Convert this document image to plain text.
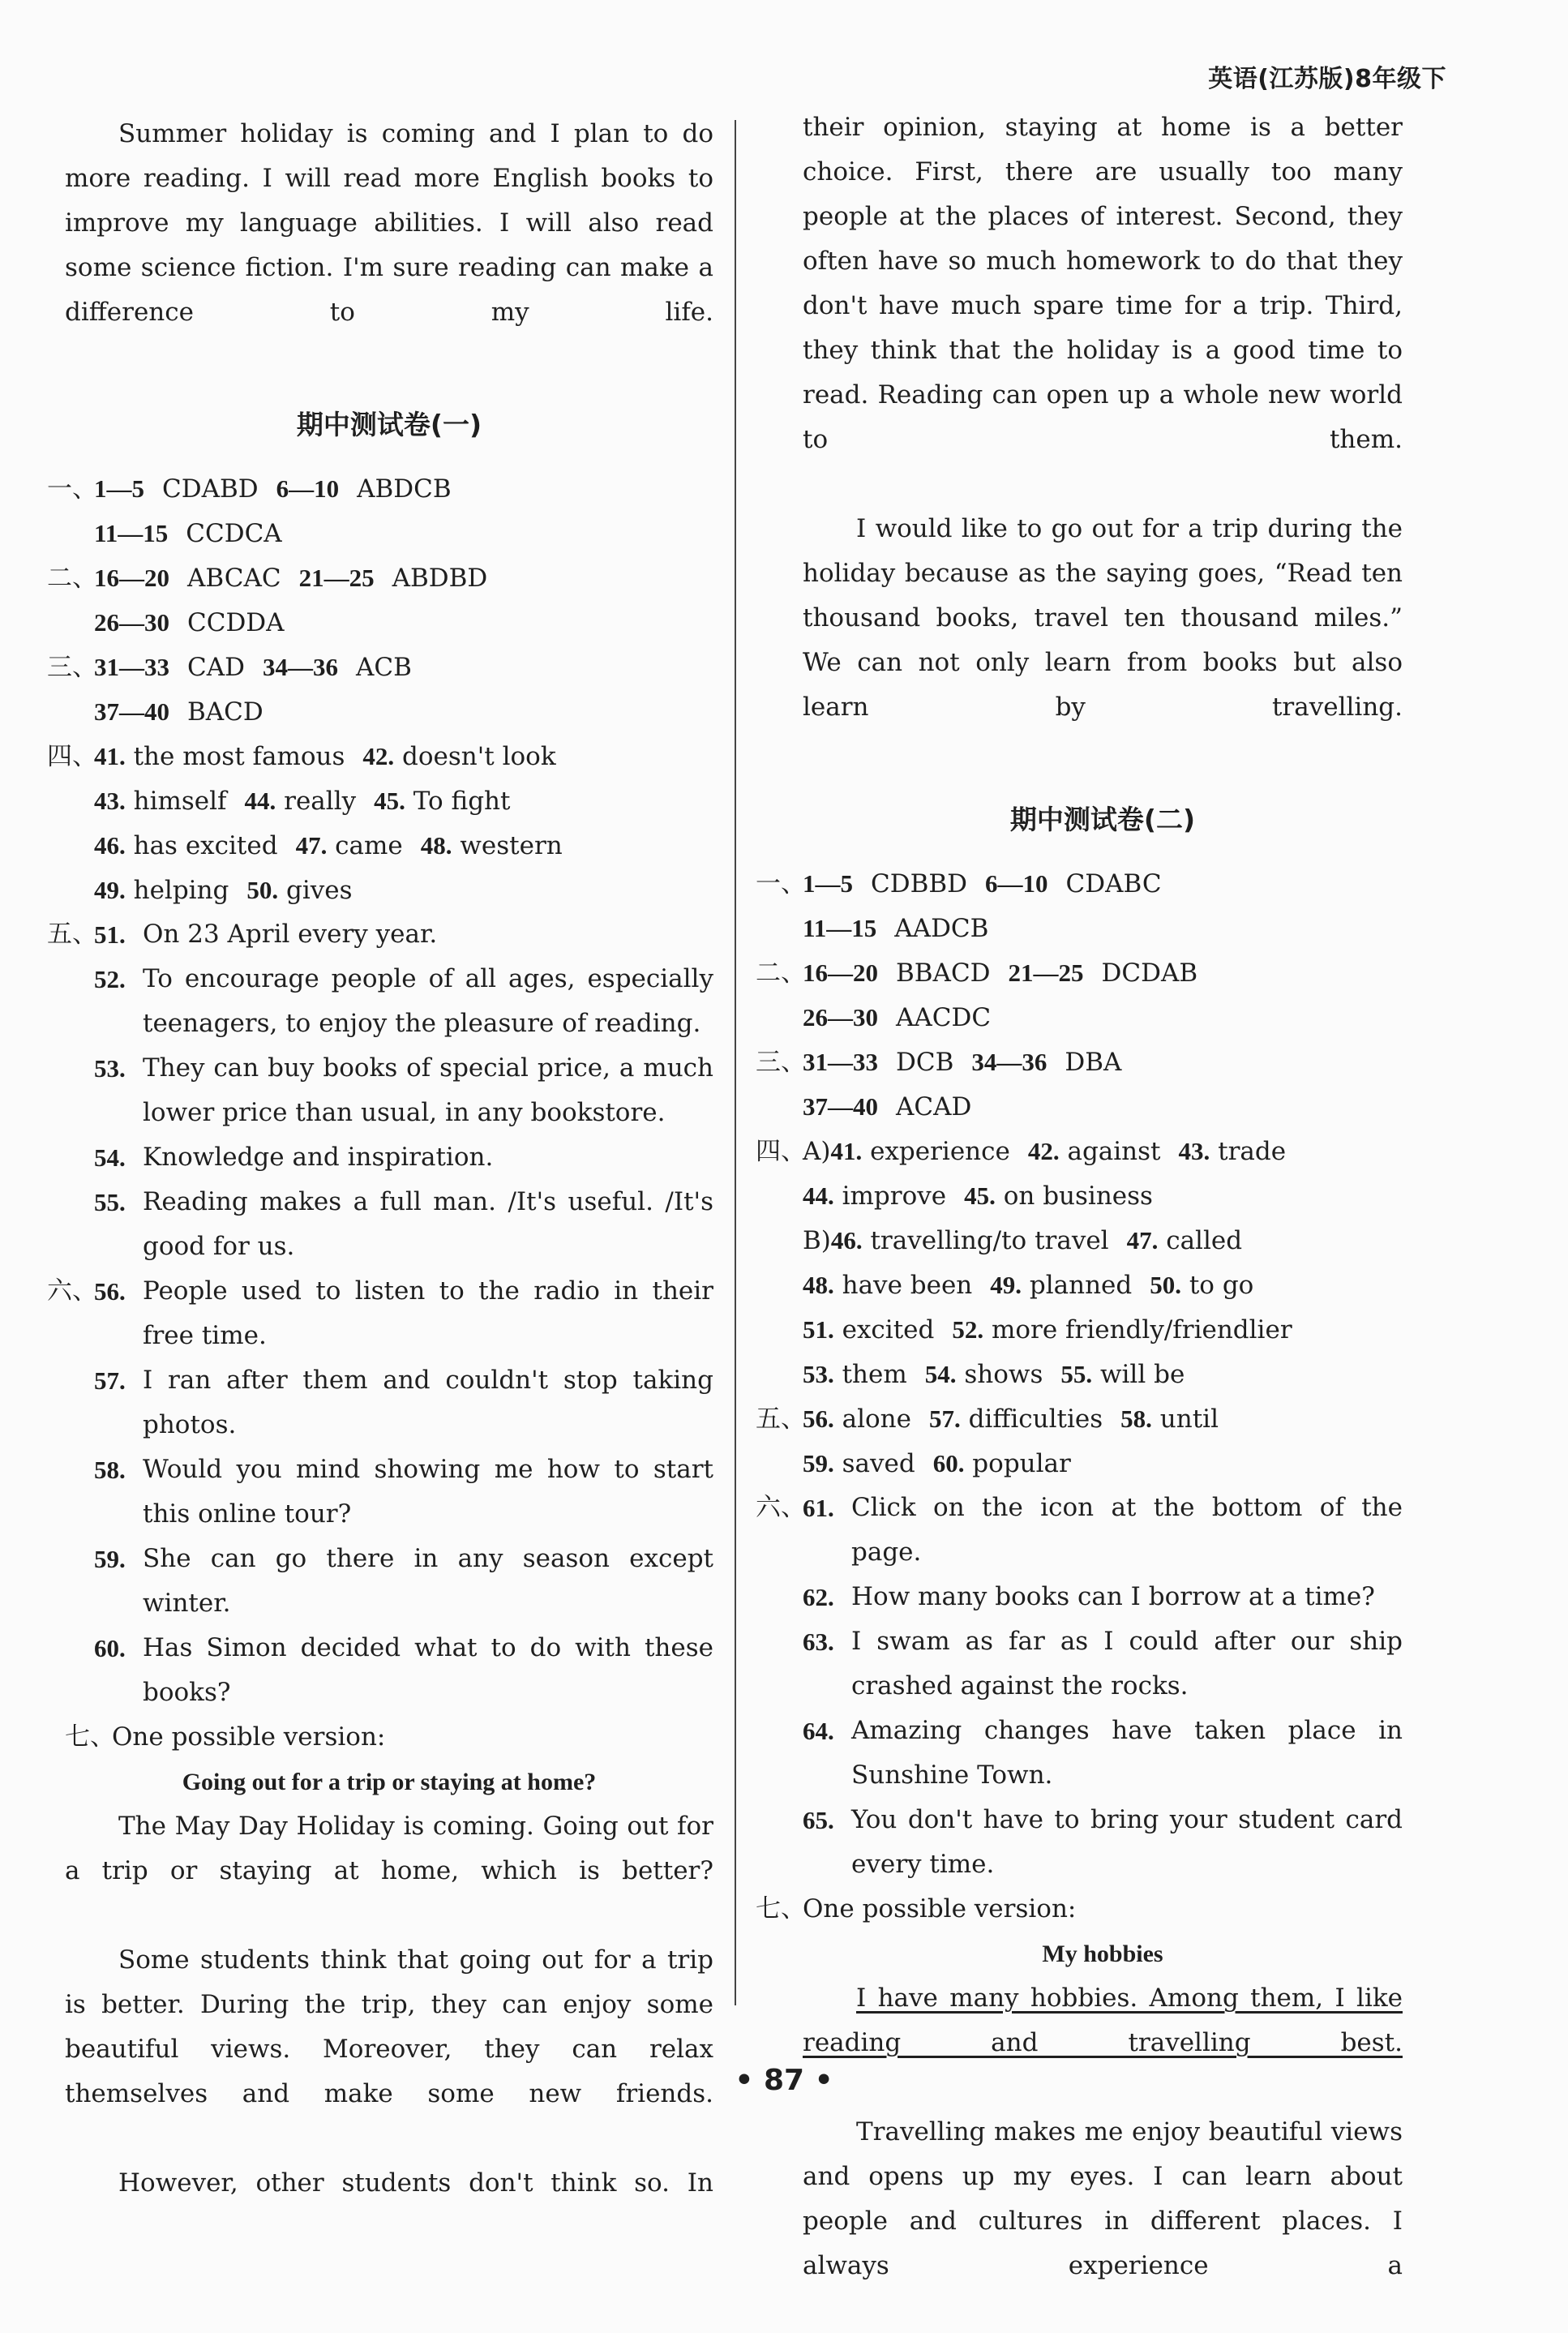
英语(江苏版)8年级下

Summer holiday is coming and I plan to do more reading. I will read more English books to improve my language abilities. I will also read some science fiction. I'm sure reading can make a difference to my life.

期中测试卷(一)
一、1—5 CDABD 6—10 ABDCB
11—15 CCDCA
二、16—20 ABCAC 21—25 ABDBD
26—30 CCDDA
三、31—33 CAD 34—36 ACB
37—40 BACD
四、41. the most famous 42. doesn't look
43. himself 44. really 45. To fight
46. has excited 47. came 48. western
49. helping 50. gives
五、
51. On 23 April every year.
52. To encourage people of all ages, especially teenagers, to enjoy the pleasure of reading.
53. They can buy books of special price, a much lower price than usual, in any bookstore.
54. Knowledge and inspiration.
55. Reading makes a full man. /It's useful. /It's good for us.
六、
56. People used to listen to the radio in their free time.
57. I ran after them and couldn't stop taking photos.
58. Would you mind showing me how to start this online tour?
59. She can go there in any season except winter.
60. Has Simon decided what to do with these books?
七、One possible version:
Going out for a trip or staying at home?

The May Day Holiday is coming. Going out for a trip or staying at home, which is better?

Some students think that going out for a trip is better. During the trip, they can enjoy some beautiful views. Moreover, they can relax themselves and make some new friends.

However, other students don't think so. In

their opinion, staying at home is a better choice. First, there are usually too many people at the places of interest. Second, they often have so much homework to do that they don't have much spare time for a trip. Third, they think that the holiday is a good time to read. Reading can open up a whole new world to them.

I would like to go out for a trip during the holiday because as the saying goes, “Read ten thousand books, travel ten thousand miles.” We can not only learn from books but also learn by travelling.

期中测试卷(二)
一、1—5 CDBBD 6—10 CDABC
11—15 AADCB
二、16—20 BBACD 21—25 DCDAB
26—30 AACDC
三、31—33 DCB 34—36 DBA
37—40 ACAD
四、A)41. experience 42. against 43. trade
44. improve 45. on business
B)46. travelling/to travel 47. called
48. have been 49. planned 50. to go
51. excited 52. more friendly/friendlier
53. them 54. shows 55. will be
五、56. alone 57. difficulties 58. until
59. saved 60. popular
六、
61. Click on the icon at the bottom of the page.
62. How many books can I borrow at a time?
63. I swam as far as I could after our ship crashed against the rocks.
64. Amazing changes have taken place in Sunshine Town.
65. You don't have to bring your student card every time.
七、One possible version:
My hobbies

I have many hobbies. Among them, I like reading and travelling best.

Travelling makes me enjoy beautiful views and opens up my eyes. I can learn about people and cultures in different places. I always experience a

• 87 •
